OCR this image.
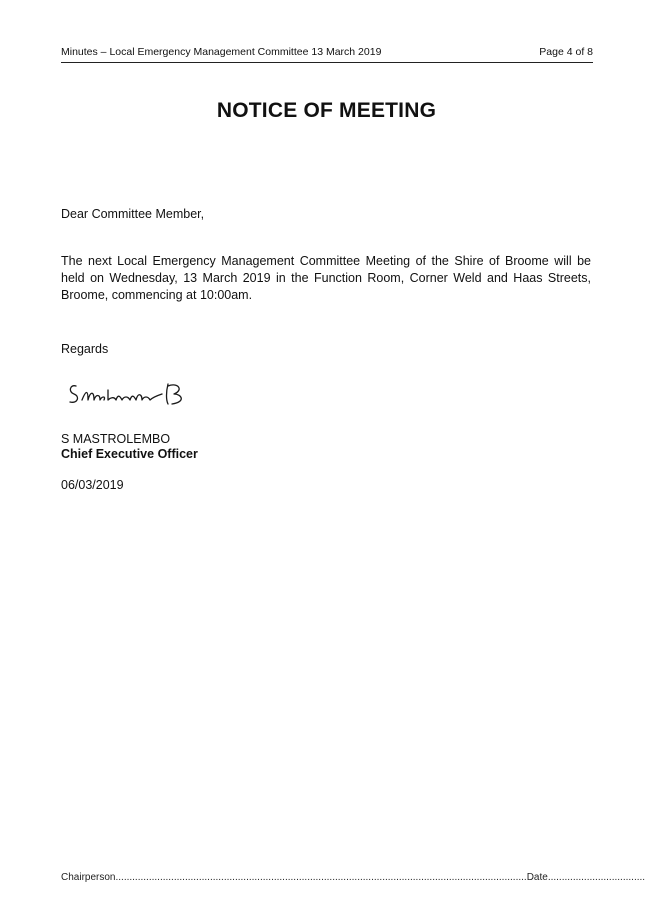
Minutes – Local Emergency Management Committee 13 March 2019	Page 4 of 8
NOTICE OF MEETING
Dear Committee Member,
The next Local Emergency Management Committee Meeting of the Shire of Broome will be held on Wednesday, 13 March 2019 in the Function Room, Corner Weld and Haas Streets, Broome, commencing at 10:00am.
Regards
S MASTROLEMBO
Chief Executive Officer
06/03/2019
Chairperson....................................................................................................................................................Date...................................
